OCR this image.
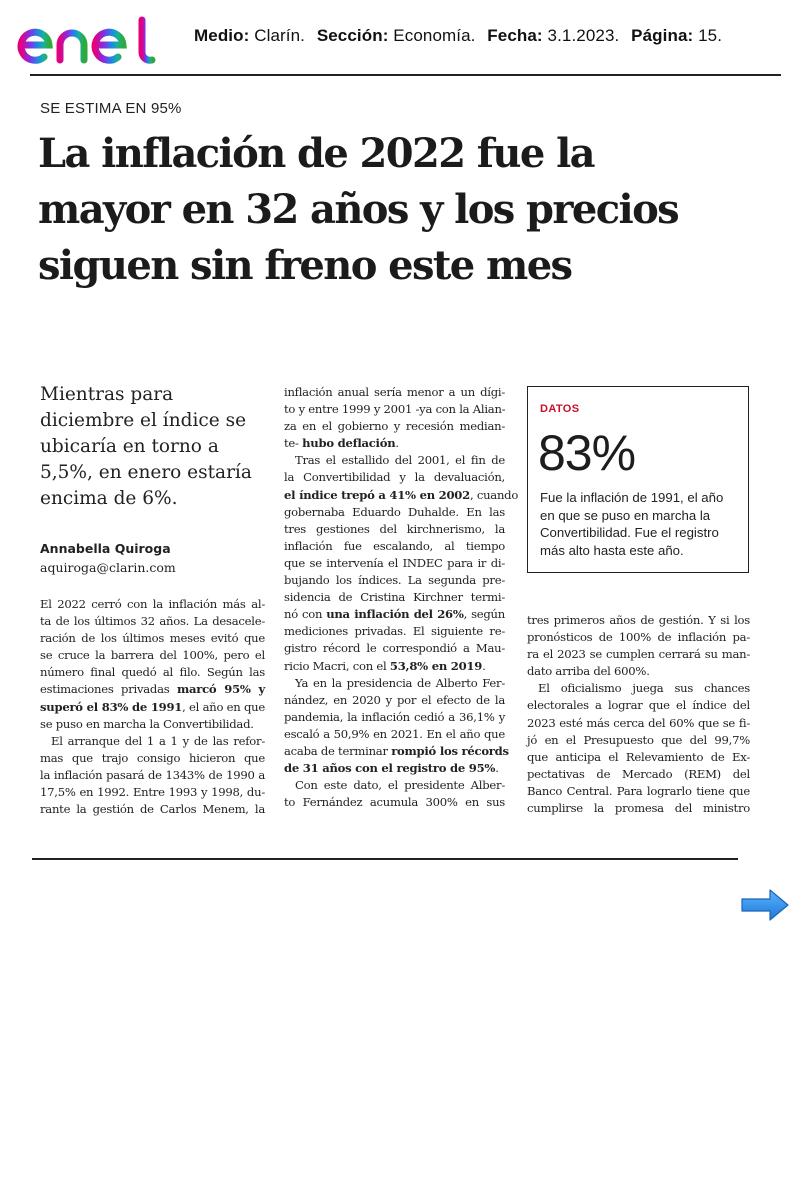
Medio: Clarín. Sección: Economía. Fecha: 3.1.2023. Página: 15.
SE ESTIMA EN 95%
La inflación de 2022 fue la
mayor en 32 años y los precios
siguen sin freno este mes
Mientras para
diciembre el índice se
ubicaría en torno a
5,5%, en enero estaría
encima de 6%.
Annabella Quiroga
aquiroga@clarin.com
El 2022 cerró con la inflación más al-
ta de los últimos 32 años. La desacele-
ración de los últimos meses evitó que
se cruce la barrera del 100%, pero el
número final quedó al filo. Según las
estimaciones privadas marcó 95% y
superó el 83% de 1991, el año en que
se puso en marcha la Convertibilidad.
El arranque del 1 a 1 y de las refor-
mas que trajo consigo hicieron que
la inflación pasará de 1343% de 1990 a
17,5% en 1992. Entre 1993 y 1998, du-
rante la gestión de Carlos Menem, la
inflación anual sería menor a un dígi-
to y entre 1999 y 2001 -ya con la Alian-
za en el gobierno y recesión median-
te- hubo deflación.
Tras el estallido del 2001, el fin de
la Convertibilidad y la devaluación,
el índice trepó a 41% en 2002, cuando
gobernaba Eduardo Duhalde. En las
tres gestiones del kirchnerismo, la
inflación fue escalando, al tiempo
que se intervenía el INDEC para ir di-
bujando los índices. La segunda pre-
sidencia de Cristina Kirchner termi-
nó con una inflación del 26%, según
mediciones privadas. El siguiente re-
gistro récord le correspondió a Mau-
ricio Macri, con el 53,8% en 2019.
Ya en la presidencia de Alberto Fer-
nández, en 2020 y por el efecto de la
pandemia, la inflación cedió a 36,1% y
escaló a 50,9% en 2021. En el año que
acaba de terminar rompió los récords
de 31 años con el registro de 95%.
Con este dato, el presidente Alber-
to Fernández acumula 300% en sus
tres primeros años de gestión. Y si los
pronósticos de 100% de inflación pa-
ra el 2023 se cumplen cerrará su man-
dato arriba del 600%.
El oficialismo juega sus chances
electorales a lograr que el índice del
2023 esté más cerca del 60% que se fi-
jó en el Presupuesto que del 99,7%
que anticipa el Relevamiento de Ex-
pectativas de Mercado (REM) del
Banco Central. Para lograrlo tiene que
cumplirse la promesa del ministro
DATOS
83%
Fue la inflación de 1991, el año
en que se puso en marcha la
Convertibilidad. Fue el registro
más alto hasta este año.
